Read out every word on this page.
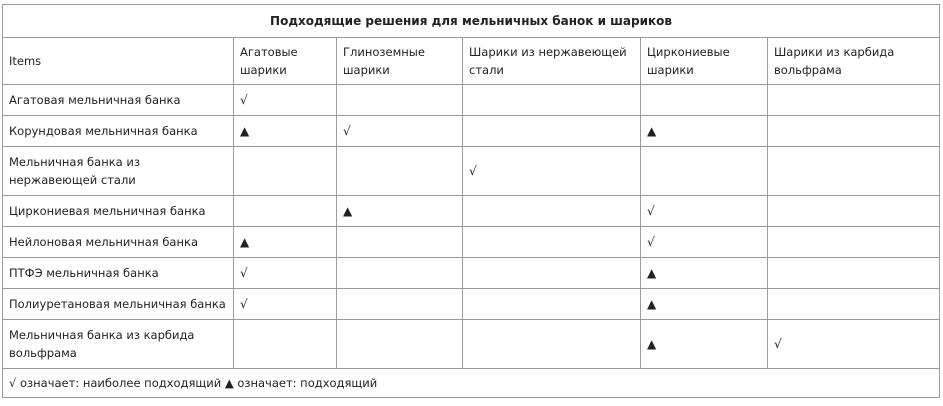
Подходящие решения для мельничных банок и шариков					
Items	Агатовые шарики	Глиноземные шарики	Шарики из нержавеющей стали	Циркониевые шарики	Шарики из карбида вольфрама
Агатовая мельничная банка	√				
Корундовая мельничная банка	▲	√		▲	
Мельничная банка из нержавеющей стали			√		
Циркониевая мельничная банка		▲		√	
Нейлоновая мельничная банка	▲			√	
ПТФЭ мельничная банка	√			▲	
Полиуретановая мельничная банка	√			▲	
Мельничная банка из карбида вольфрама				▲	√
√ означает: наиболее подходящий ▲ означает: подходящий					
